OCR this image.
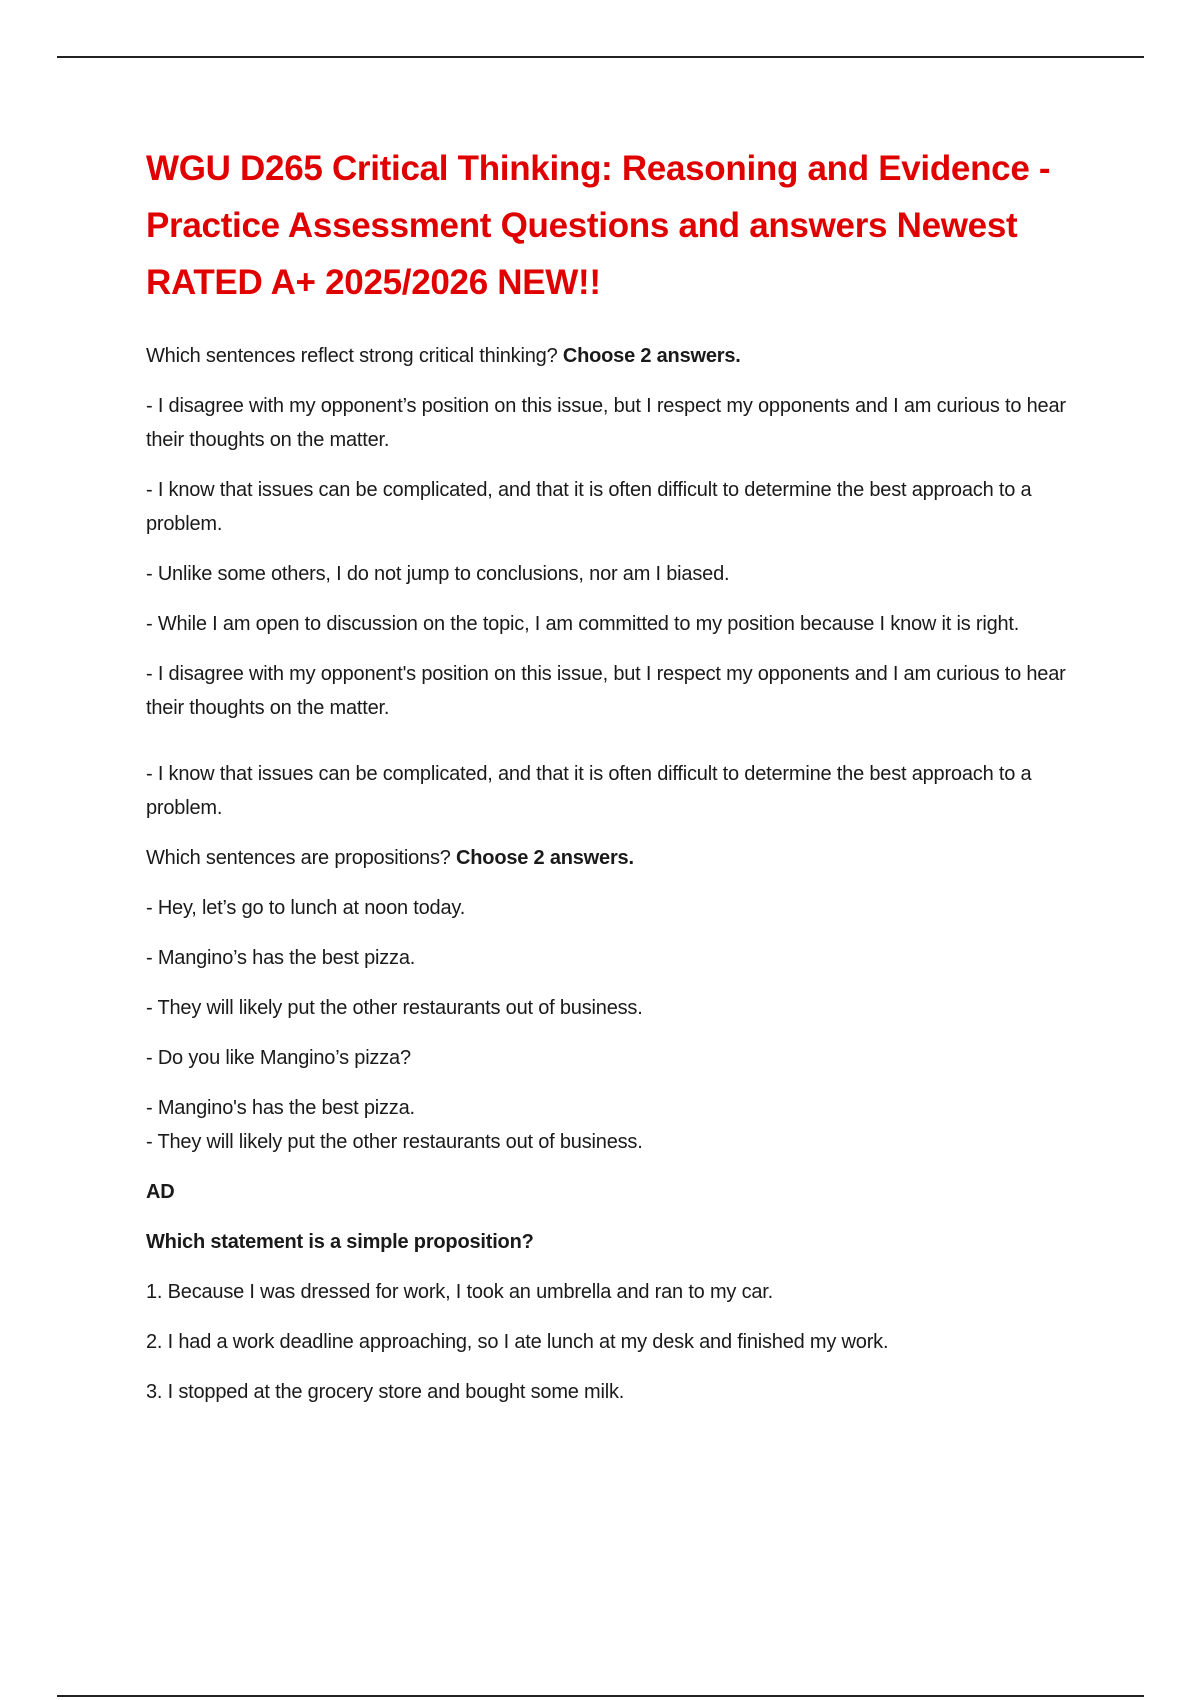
WGU D265 Critical Thinking: Reasoning and Evidence - Practice Assessment Questions and answers Newest RATED A+ 2025/2026 NEW!!

Which sentences reflect strong critical thinking? Choose 2 answers.

- I disagree with my opponent’s position on this issue, but I respect my opponents and I am curious to hear their thoughts on the matter.

- I know that issues can be complicated, and that it is often difficult to determine the best approach to a problem.

- Unlike some others, I do not jump to conclusions, nor am I biased.

- While I am open to discussion on the topic, I am committed to my position because I know it is right.

- I disagree with my opponent's position on this issue, but I respect my opponents and I am curious to hear their thoughts on the matter.

- I know that issues can be complicated, and that it is often difficult to determine the best approach to a problem.

Which sentences are propositions? Choose 2 answers.

- Hey, let’s go to lunch at noon today.

- Mangino’s has the best pizza.

- They will likely put the other restaurants out of business.

- Do you like Mangino’s pizza?

- Mangino's has the best pizza.

- They will likely put the other restaurants out of business.

AD

Which statement is a simple proposition?

1. Because I was dressed for work, I took an umbrella and ran to my car.

2. I had a work deadline approaching, so I ate lunch at my desk and finished my work.

3. I stopped at the grocery store and bought some milk.
